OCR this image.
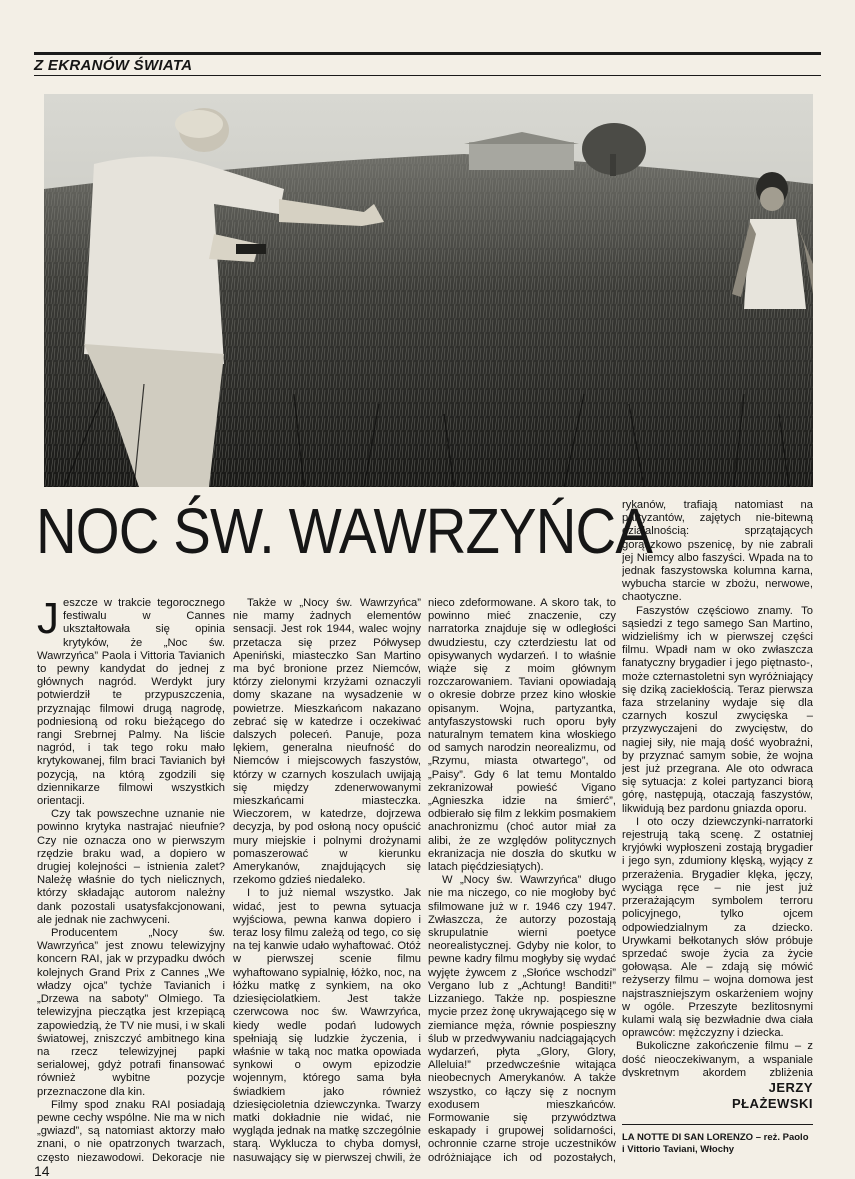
Z EKRANÓW ŚWIATA
NOC ŚW. WAWRZYŃCA

Jeszcze w trakcie tegorocznego festiwalu w Cannes ukształtowała się opinia krytyków, że „Noc św. Wawrzyńca” Paola i Vittoria Tavianich to pewny kandydat do jednej z głównych nagród. Werdykt jury potwierdził te przypuszczenia, przyznając filmowi drugą nagrodę, podniesioną od roku bieżącego do rangi Srebrnej Palmy. Na liście nagród, i tak tego roku mało krytykowanej, film braci Tavianich był pozycją, na którą zgodzili się dziennikarze filmowi wszystkich orientacji.

Czy tak powszechne uznanie nie powinno krytyka nastrajać nieufnie? Czy nie oznacza ono w pierwszym rzędzie braku wad, a dopiero w drugiej kolejności – istnienia zalet? Należę właśnie do tych nielicznych, którzy składając autorom należny dank pozostali usatysfakcjonowani, ale jednak nie zachwyceni.

Producentem „Nocy św. Wawrzyńca” jest znowu telewizyjny koncern RAI, jak w przypadku dwóch kolejnych Grand Prix z Cannes „We władzy ojca” tychże Tavianich i „Drzewa na saboty” Olmiego. Ta telewizyjna pieczątka jest krzepiącą zapowiedzią, że TV nie musi, i w skali światowej, zniszczyć ambitnego kina na rzecz telewizyjnej papki serialowej, gdyż potrafi finansować również wybitne pozycje przeznaczone dla kin.

Filmy spod znaku RAI posiadają pewne cechy wspólne. Nie ma w nich „gwiazd”, są natomiast aktorzy mało znani, o nie opatrzonych twarzach, często niezawodowi. Dekoracje nie

Także w „Nocy św. Wawrzyńca” nie mamy żadnych elementów sensacji. Jest rok 1944, walec wojny przetacza się przez Półwysep Apeniński, miasteczko San Martino ma być bronione przez Niemców, którzy zielonymi krzyżami oznaczyli domy skazane na wysadzenie w powietrze. Mieszkańcom nakazano zebrać się w katedrze i oczekiwać dalszych poleceń. Panuje, poza lękiem, generalna nieufność do Niemców i miejscowych faszystów, którzy w czarnych koszulach uwijają się między zdenerwowanymi mieszkańcami miasteczka. Wieczorem, w katedrze, dojrzewa decyzja, by pod osłoną nocy opuścić mury miejskie i polnymi drożynami pomaszerować w kierunku Amerykanów, znajdujących się rzekomo gdzieś niedaleko.

I to już niemal wszystko. Jak widać, jest to pewna sytuacja wyjściowa, pewna kanwa dopiero i teraz losy filmu zależą od tego, co się na tej kanwie udało wyhaftować. Otóż w pierwszej scenie filmu wyhaftowano sypialnię, łóżko, noc, na łóżku matkę z synkiem, na oko dziesięciolatkiem. Jest także czerwcowa noc św. Wawrzyńca, kiedy wedle podań ludowych spełniają się ludzkie życzenia, i właśnie w taką noc matka opowiada synkowi o owym epizodzie wojennym, którego sama była świadkiem jako również dziesięcioletnia dziewczynka. Twarzy matki dokładnie nie widać, nie wygląda jednak na matkę szczególnie starą. Wyklucza to chyba domysł, nasuwający się w pierwszej chwili, że

nieco zdeformowane. A skoro tak, to powinno mieć znaczenie, czy narratorka znajduje się w odległości dwudziestu, czy czterdziestu lat od opisywanych wydarzeń. I to właśnie wiąże się z moim głównym rozczarowaniem. Taviani opowiadają o okresie dobrze przez kino włoskie opisanym. Wojna, partyzantka, antyfaszystowski ruch oporu były naturalnym tematem kina włoskiego od samych narodzin neorealizmu, od „Rzymu, miasta otwartego”, od „Paisy”. Gdy 6 lat temu Montaldo zekranizował powieść Vigano „Agnieszka idzie na śmierć”, odbierało się film z lekkim posmakiem anachronizmu (choć autor miał za alibi, że ze względów politycznych ekranizacja nie doszła do skutku w latach pięćdziesiątych).

W „Nocy św. Wawrzyńca” długo nie ma niczego, co nie mogłoby być sfilmowane już w r. 1946 czy 1947. Zwłaszcza, że autorzy pozostają skrupulatnie wierni poetyce neorealistycznej. Gdyby nie kolor, to pewne kadry filmu mogłyby się wydać wyjęte żywcem z „Słońce wschodzi” Vergano lub z „Achtung! Banditi!” Lizzaniego. Także np. pospieszne mycie przez żonę ukrywającego się w ziemiance męża, równie pospieszny ślub w przedwywaniu nadciągających wydarzeń, płyta „Glory, Glory, Alleluia!” przedwcześnie witająca nieobecnych Amerykanów. A także wszystko, co łączy się z nocnym exodusem mieszkańców. Formowanie się przywództwa eskapady i grupowej solidarności, ochronnie czarne stroje uczestników odróżniające ich od pozostałych,

rykanów, trafiają natomiast na partyzantów, zajętych nie-bitewną działalnością: sprzątających gorączkowo pszenicę, by nie zabrali jej Niemcy albo faszyści. Wpada na to jednak faszystowska kolumna karna, wybucha starcie w zbożu, nerwowe, chaotyczne.

Faszystów częściowo znamy. To sąsiedzi z tego samego San Martino, widzieliśmy ich w pierwszej części filmu. Wpadł nam w oko zwłaszcza fanatyczny brygadier i jego piętnasto-, może czternastoletni syn wyróżniający się dziką zaciekłością. Teraz pierwsza faza strzelaniny wydaje się dla czarnych koszul zwycięska – przyzwyczajeni do zwycięstw, do nagiej siły, nie mają dość wyobraźni, by przyznać samym sobie, że wojna jest już przegrana. Ale oto odwraca się sytuacja: z kolei partyzanci biorą górę, następują, otaczają faszystów, likwidują bez pardonu gniazda oporu.

I oto oczy dziewczynki-narratorki rejestrują taką scenę. Z ostatniej kryjówki wypłoszeni zostają brygadier i jego syn, zdumiony klęską, wyjący z przerażenia. Brygadier klęka, jęczy, wyciąga ręce – nie jest już przerażającym symbolem terroru policyjnego, tylko ojcem odpowiedzialnym za dziecko. Urywkami bełkotanych słów próbuje sprzedać swoje życia za życie gołowąsa. Ale – zdają się mówić reżyserzy filmu – wojna domowa jest najstraszniejszym oskarżeniem wojny w ogóle. Przeszyte bezlitosnymi kulami walą się bezwładnie dwa ciała oprawców: mężczyzny i dziecka.

Bukoliczne zakończenie filmu – z dość nieoczekiwanym, a wspaniale dyskretnym akordem zbliżenia

JERZY
PŁAŻEWSKI
LA NOTTE DI SAN LORENZO – reż. Paolo i Vittorio Taviani, Włochy
14
